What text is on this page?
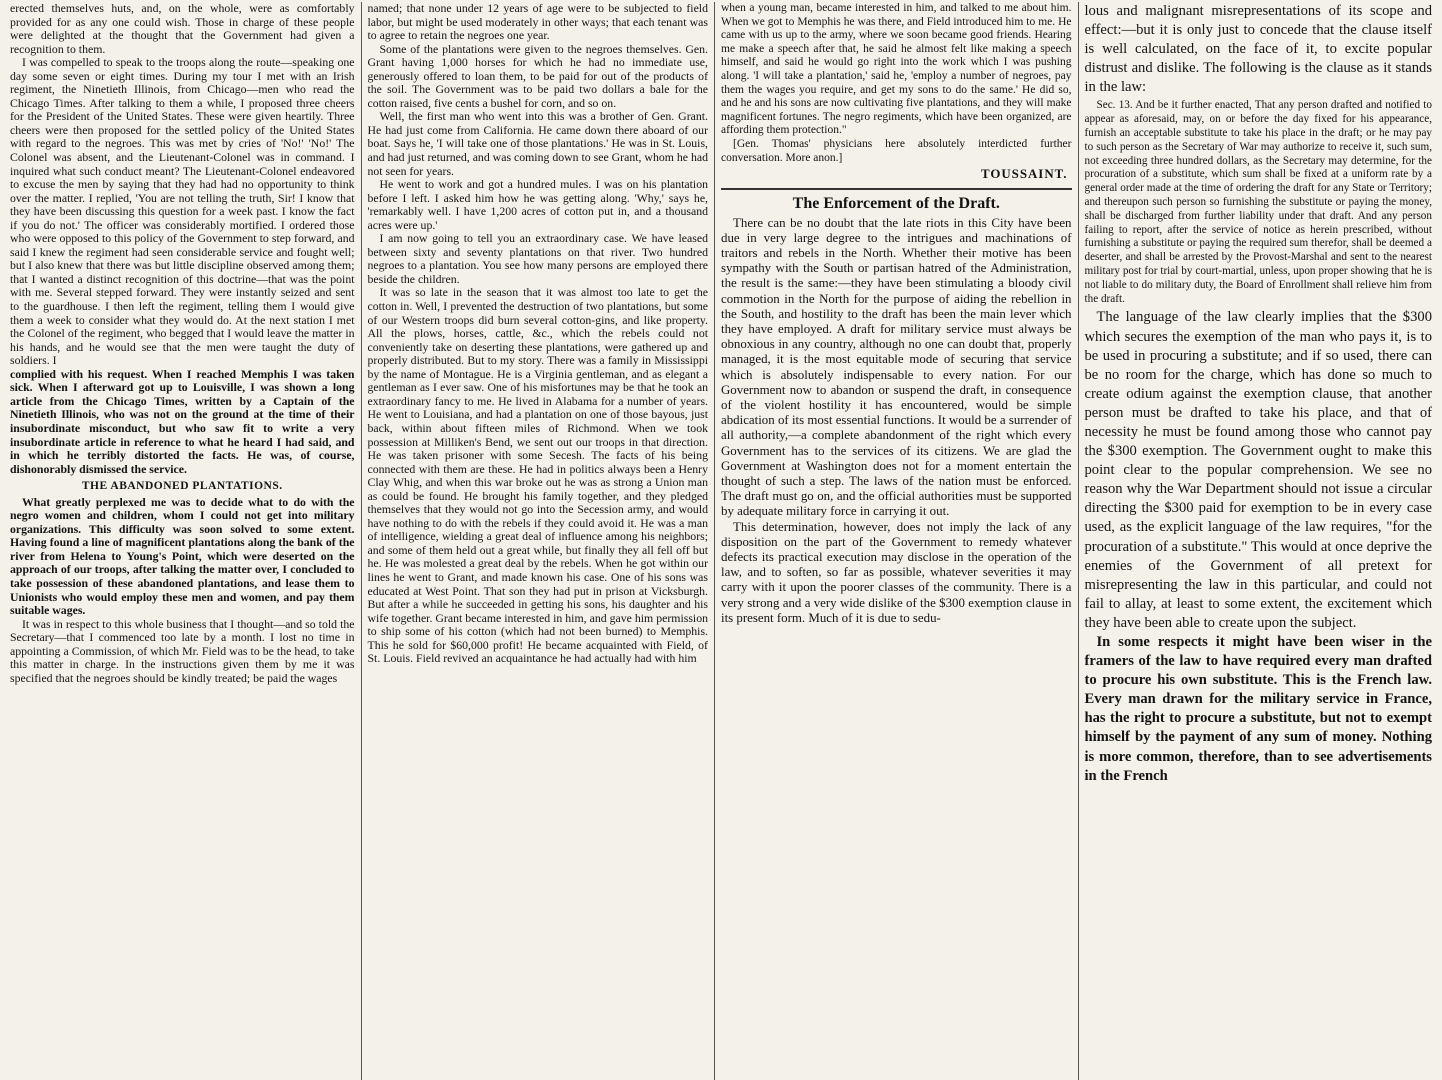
erected themselves huts, and, on the whole, were as comfortably provided for as any one could wish. Those in charge of these people were delighted at the thought that the Government had given a recognition to them.

I was compelled to speak to the troops along the route—speaking one day some seven or eight times. During my tour I met with an Irish regiment, the Ninetieth Illinois, from Chicago—men who read the Chicago Times. After talking to them a while, I proposed three cheers for the President of the United States. These were given heartily. Three cheers were then proposed for the settled policy of the United States with regard to the negroes. This was met by cries of 'No!' 'No!' The Colonel was absent, and the Lieutenant-Colonel was in command. I inquired what such conduct meant? The Lieutenant-Colonel endeavored to excuse the men by saying that they had had no opportunity to think over the matter. I replied, 'You are not telling the truth, Sir! I know that they have been discussing this question for a week past. I know the fact if you do not.' The officer was considerably mortified. I ordered those who were opposed to this policy of the Government to step forward, and said I knew the regiment had seen considerable service and fought well; but I also knew that there was but little discipline observed among them; that I wanted a distinct recognition of this doctrine—that was the point with me. Several stepped forward. They were instantly seized and sent to the guardhouse. I then left the regiment, telling them I would give them a week to consider what they would do. At the next station I met the Colonel of the regiment, who begged that I would leave the matter in his hands, and he would see that the men were taught the duty of soldiers. I

complied with his request. When I reached Memphis I was taken sick. When I afterward got up to Louisville, I was shown a long article from the Chicago Times, written by a Captain of the Ninetieth Illinois, who was not on the ground at the time of their insubordinate misconduct, but who saw fit to write a very insubordinate article in reference to what he heard I had said, and in which he terribly distorted the facts. He was, of course, dishonorably dismissed the service.

THE ABANDONED PLANTATIONS.

What greatly perplexed me was to decide what to do with the negro women and children, whom I could not get into military organizations. This difficulty was soon solved to some extent. Having found a line of magnificent plantations along the bank of the river from Helena to Young's Point, which were deserted on the approach of our troops, after talking the matter over, I concluded to take possession of these abandoned plantations, and lease them to Unionists who would employ these men and women, and pay them suitable wages.

It was in respect to this whole business that I thought—and so told the Secretary—that I commenced too late by a month. I lost no time in appointing a Commission, of which Mr. Field was to be the head, to take this matter in charge. In the instructions given them by me it was specified that the negroes should be kindly treated; be paid the wages

named; that none under 12 years of age were to be subjected to field labor, but might be used moderately in other ways; that each tenant was to agree to retain the negroes one year.

Some of the plantations were given to the negroes themselves. Gen. Grant having 1,000 horses for which he had no immediate use, generously offered to loan them, to be paid for out of the products of the soil. The Government was to be paid two dollars a bale for the cotton raised, five cents a bushel for corn, and so on.

Well, the first man who went into this was a brother of Gen. Grant. He had just come from California. He came down there aboard of our boat. Says he, 'I will take one of those plantations.' He was in St. Louis, and had just returned, and was coming down to see Grant, whom he had not seen for years.

He went to work and got a hundred mules. I was on his plantation before I left. I asked him how he was getting along. 'Why,' says he, 'remarkably well. I have 1,200 acres of cotton put in, and a thousand acres were up.'

I am now going to tell you an extraordinary case. We have leased between sixty and seventy plantations on that river. Two hundred negroes to a plantation. You see how many persons are employed there beside the children.

It was so late in the season that it was almost too late to get the cotton in. Well, I prevented the destruction of two plantations, but some of our Western troops did burn several cotton-gins, and like property. All the plows, horses, cattle, &c., which the rebels could not conveniently take on deserting these plantations, were gathered up and properly distributed. But to my story. There was a family in Mississippi by the name of Montague. He is a Virginia gentleman, and as elegant a gentleman as I ever saw. One of his misfortunes may be that he took an extraordinary fancy to me. He lived in Alabama for a number of years. He went to Louisiana, and had a plantation on one of those bayous, just back, within about fifteen miles of Richmond. When we took possession at Milliken's Bend, we sent out our troops in that direction. He was taken prisoner with some Secesh. The facts of his being connected with them are these. He had in politics always been a Henry Clay Whig, and when this war broke out he was as strong a Union man as could be found. He brought his family together, and they pledged themselves that they would not go into the Secession army, and would have nothing to do with the rebels if they could avoid it. He was a man of intelligence, wielding a great deal of influence among his neighbors; and some of them held out a great while, but finally they all fell off but he. He was molested a great deal by the rebels. When he got within our lines he went to Grant, and made known his case. One of his sons was educated at West Point. That son they had put in prison at Vicksburgh. But after a while he succeeded in getting his sons, his daughter and his wife together. Grant became interested in him, and gave him permission to ship some of his cotton (which had not been burned) to Memphis. This he sold for $60,000 profit! He became acquainted with Field, of St. Louis. Field revived an acquaintance he had actually had with him

when a young man, became interested in him, and talked to me about him. When we got to Memphis he was there, and Field introduced him to me. He came with us up to the army, where we soon became good friends. Hearing me make a speech after that, he said he almost felt like making a speech himself, and said he would go right into the work which I was pushing along. 'I will take a plantation,' said he, 'employ a number of negroes, pay them the wages you require, and get my sons to do the same.' He did so, and he and his sons are now cultivating five plantations, and they will make magnificent fortunes. The negro regiments, which have been organized, are affording them protection."

[Gen. Thomas' physicians here absolutely interdicted further conversation. More anon.]

TOUSSAINT.
The Enforcement of the Draft.

There can be no doubt that the late riots in this City have been due in very large degree to the intrigues and machinations of traitors and rebels in the North. Whether their motive has been sympathy with the South or partisan hatred of the Administration, the result is the same:—they have been stimulating a bloody civil commotion in the North for the purpose of aiding the rebellion in the South, and hostility to the draft has been the main lever which they have employed. A draft for military service must always be obnoxious in any country, although no one can doubt that, properly managed, it is the most equitable mode of securing that service which is absolutely indispensable to every nation. For our Government now to abandon or suspend the draft, in consequence of the violent hostility it has encountered, would be simple abdication of its most essential functions. It would be a surrender of all authority,—a complete abandonment of the right which every Government has to the services of its citizens. We are glad the Government at Washington does not for a moment entertain the thought of such a step. The laws of the nation must be enforced. The draft must go on, and the official authorities must be supported by adequate military force in carrying it out.

This determination, however, does not imply the lack of any disposition on the part of the Government to remedy whatever defects its practical execution may disclose in the operation of the law, and to soften, so far as possible, whatever severities it may carry with it upon the poorer classes of the community. There is a very strong and a very wide dislike of the $300 exemption clause in its present form. Much of it is due to sedu-

lous and malignant misrepresentations of its scope and effect:—but it is only just to concede that the clause itself is well calculated, on the face of it, to excite popular distrust and dislike. The following is the clause as it stands in the law:

Sec. 13. And be it further enacted, That any person drafted and notified to appear as aforesaid, may, on or before the day fixed for his appearance, furnish an acceptable substitute to take his place in the draft; or he may pay to such person as the Secretary of War may authorize to receive it, such sum, not exceeding three hundred dollars, as the Secretary may determine, for the procuration of a substitute, which sum shall be fixed at a uniform rate by a general order made at the time of ordering the draft for any State or Territory; and thereupon such person so furnishing the substitute or paying the money, shall be discharged from further liability under that draft. And any person failing to report, after the service of notice as herein prescribed, without furnishing a substitute or paying the required sum therefor, shall be deemed a deserter, and shall be arrested by the Provost-Marshal and sent to the nearest military post for trial by court-martial, unless, upon proper showing that he is not liable to do military duty, the Board of Enrollment shall relieve him from the draft.

The language of the law clearly implies that the $300 which secures the exemption of the man who pays it, is to be used in procuring a substitute; and if so used, there can be no room for the charge, which has done so much to create odium against the exemption clause, that another person must be drafted to take his place, and that of necessity he must be found among those who cannot pay the $300 exemption. The Government ought to make this point clear to the popular comprehension. We see no reason why the War Department should not issue a circular directing the $300 paid for exemption to be in every case used, as the explicit language of the law requires, "for the procuration of a substitute." This would at once deprive the enemies of the Government of all pretext for misrepresenting the law in this particular, and could not fail to allay, at least to some extent, the excitement which they have been able to create upon the subject.

In some respects it might have been wiser in the framers of the law to have required every man drafted to procure his own substitute. This is the French law. Every man drawn for the military service in France, has the right to procure a substitute, but not to exempt himself by the payment of any sum of money. Nothing is more common, therefore, than to see advertisements in the French
